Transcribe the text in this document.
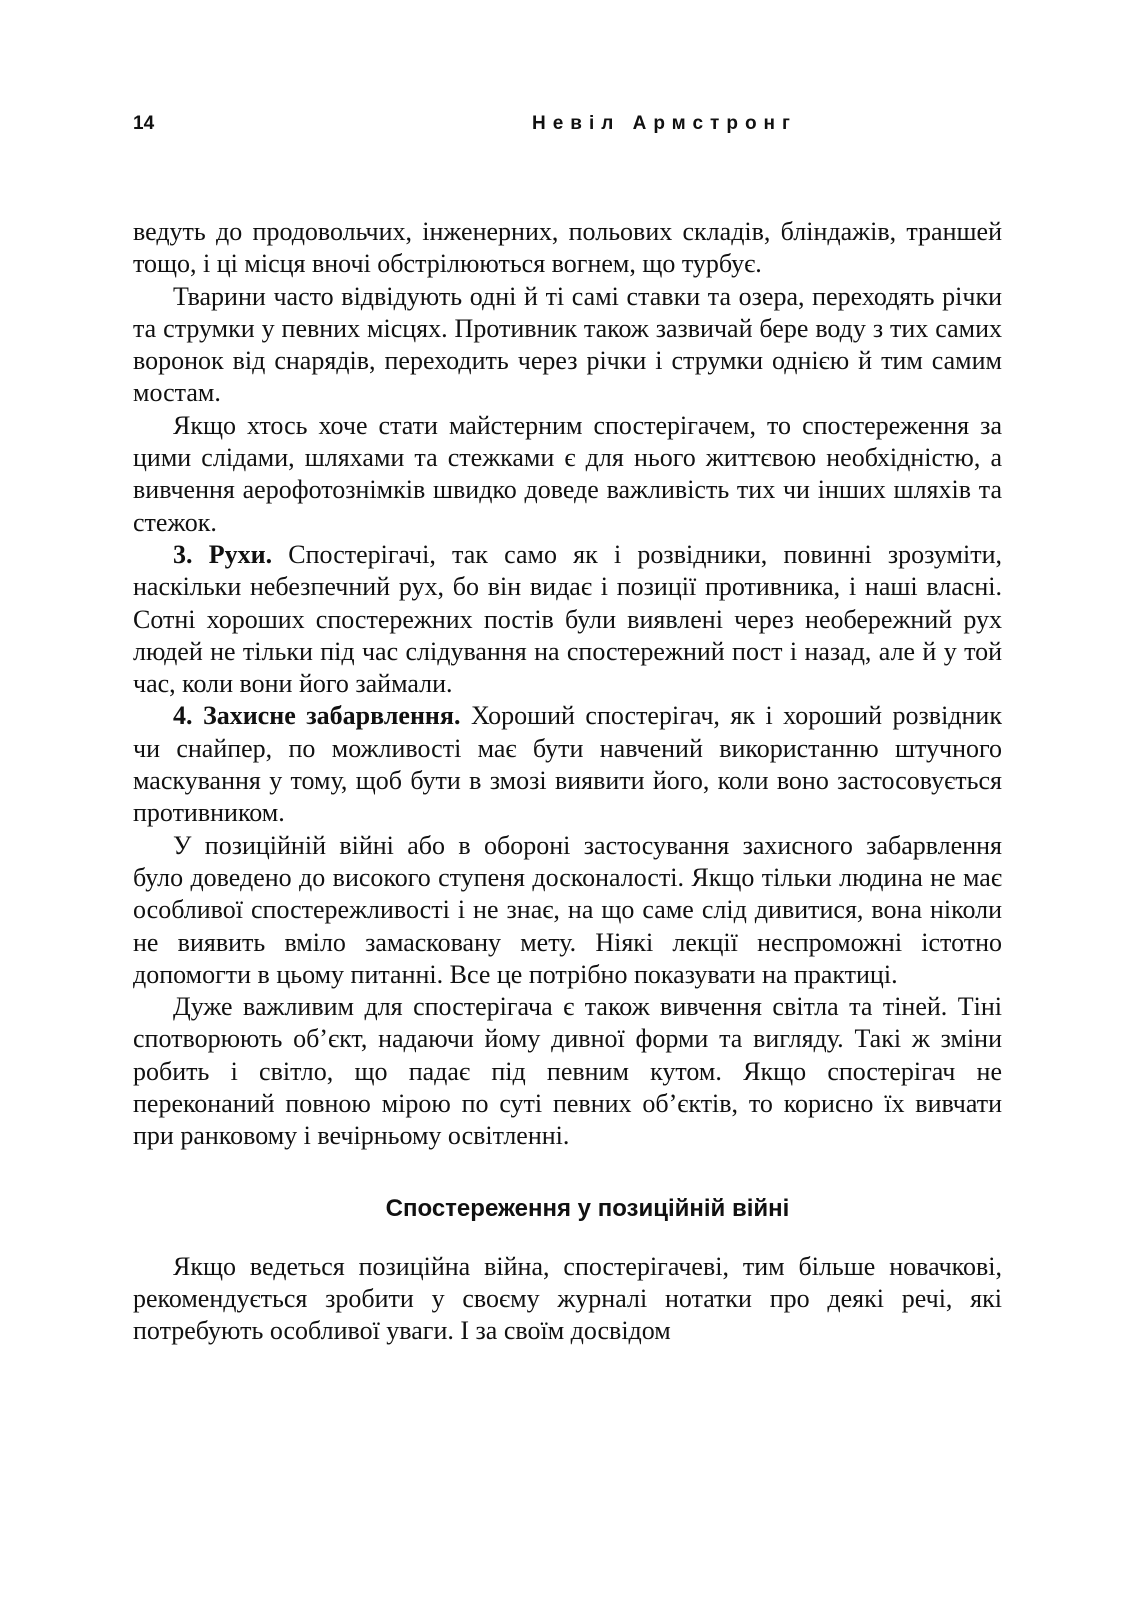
14	Невіл Армстронг

ведуть до продовольчих, інженерних, польових складів, бліндажів, траншей тощо, і ці місця вночі обстрілюються вогнем, що турбує.

Тварини часто відвідують одні й ті самі ставки та озера, переходять річки та струмки у певних місцях. Противник також зазвичай бере воду з тих самих воронок від снарядів, переходить через річки і струмки однією й тим самим мостам.

Якщо хтось хоче стати майстерним спостерігачем, то спостереження за цими слідами, шляхами та стежками є для нього життєвою необхідністю, а вивчення аерофотознімків швидко доведе важливість тих чи інших шляхів та стежок.

3. Рухи. Спостерігачі, так само як і розвідники, повинні зрозуміти, наскільки небезпечний рух, бо він видає і позиції противника, і наші власні. Сотні хороших спостережних постів були виявлені через необережний рух людей не тільки під час слідування на спостережний пост і назад, але й у той час, коли вони його займали.

4. Захисне забарвлення. Хороший спостерігач, як і хороший розвідник чи снайпер, по можливості має бути навчений використанню штучного маскування у тому, щоб бути в змозі виявити його, коли воно застосовується противником.

У позиційній війні або в обороні застосування захисного забарвлення було доведено до високого ступеня досконалості. Якщо тільки людина не має особливої спостережливості і не знає, на що саме слід дивитися, вона ніколи не виявить вміло замасковану мету. Ніякі лекції неспроможні істотно допомогти в цьому питанні. Все це потрібно показувати на практиці.

Дуже важливим для спостерігача є також вивчення світла та тіней. Тіні спотворюють об’єкт, надаючи йому дивної форми та вигляду. Такі ж зміни робить і світло, що падає під певним кутом. Якщо спостерігач не переконаний повною мірою по суті певних об’єктів, то корисно їх вивчати при ранковому і вечірньому освітленні.

Спостереження у позиційній війні

Якщо ведеться позиційна війна, спостерігачеві, тим більше новачкові, рекомендується зробити у своєму журналі нотатки про деякі речі, які потребують особливої уваги. І за своїм досвідом
